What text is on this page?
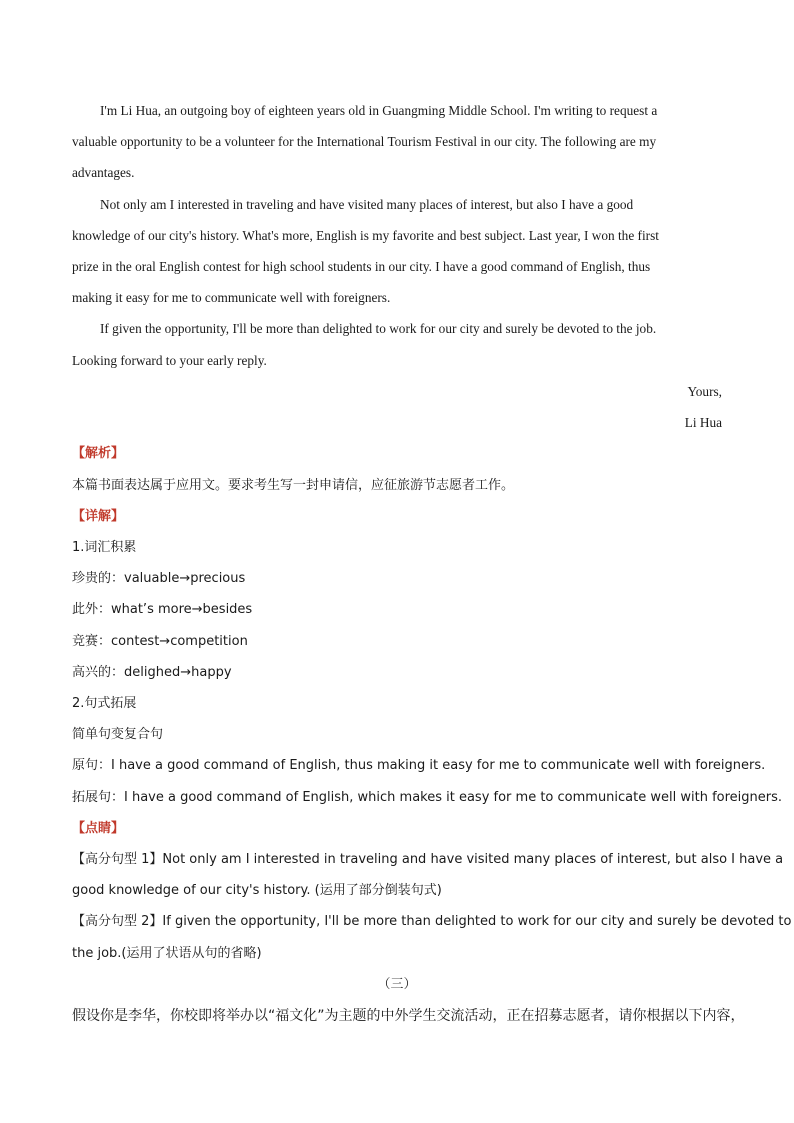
I'm Li Hua, an outgoing boy of eighteen years old in Guangming Middle School. I'm writing to request a
valuable opportunity to be a volunteer for the International Tourism Festival in our city. The following are my
advantages.
Not only am I interested in traveling and have visited many places of interest, but also I have a good
knowledge of our city's history. What's more, English is my favorite and best subject. Last year, I won the first
prize in the oral English contest for high school students in our city. I have a good command of English, thus
making it easy for me to communicate well with foreigners.
If given the opportunity, I'll be more than delighted to work for our city and surely be devoted to the job.
Looking forward to your early reply.
Yours,
Li Hua
【解析】
本篇书面表达属于应用文。要求考生写一封申请信，应征旅游节志愿者工作。
【详解】
1.词汇积累
珍贵的：valuable→precious
此外：what’s more→besides
竞赛：contest→competition
高兴的：delighed→happy
2.句式拓展
简单句变复合句
原句：I have a good command of English, thus making it easy for me to communicate well with foreigners.
拓展句：I have a good command of English, which makes it easy for me to communicate well with foreigners.
【点睛】
【高分句型 1】Not only am I interested in traveling and have visited many places of interest, but also I have a
good knowledge of our city's history. (运用了部分倒装句式)
【高分句型 2】If given the opportunity, I'll be more than delighted to work for our city and surely be devoted to
the job.(运用了状语从句的省略)
（三）
假设你是李华，你校即将举办以“福文化”为主题的中外学生交流活动，正在招募志愿者，请你根据以下内容，
